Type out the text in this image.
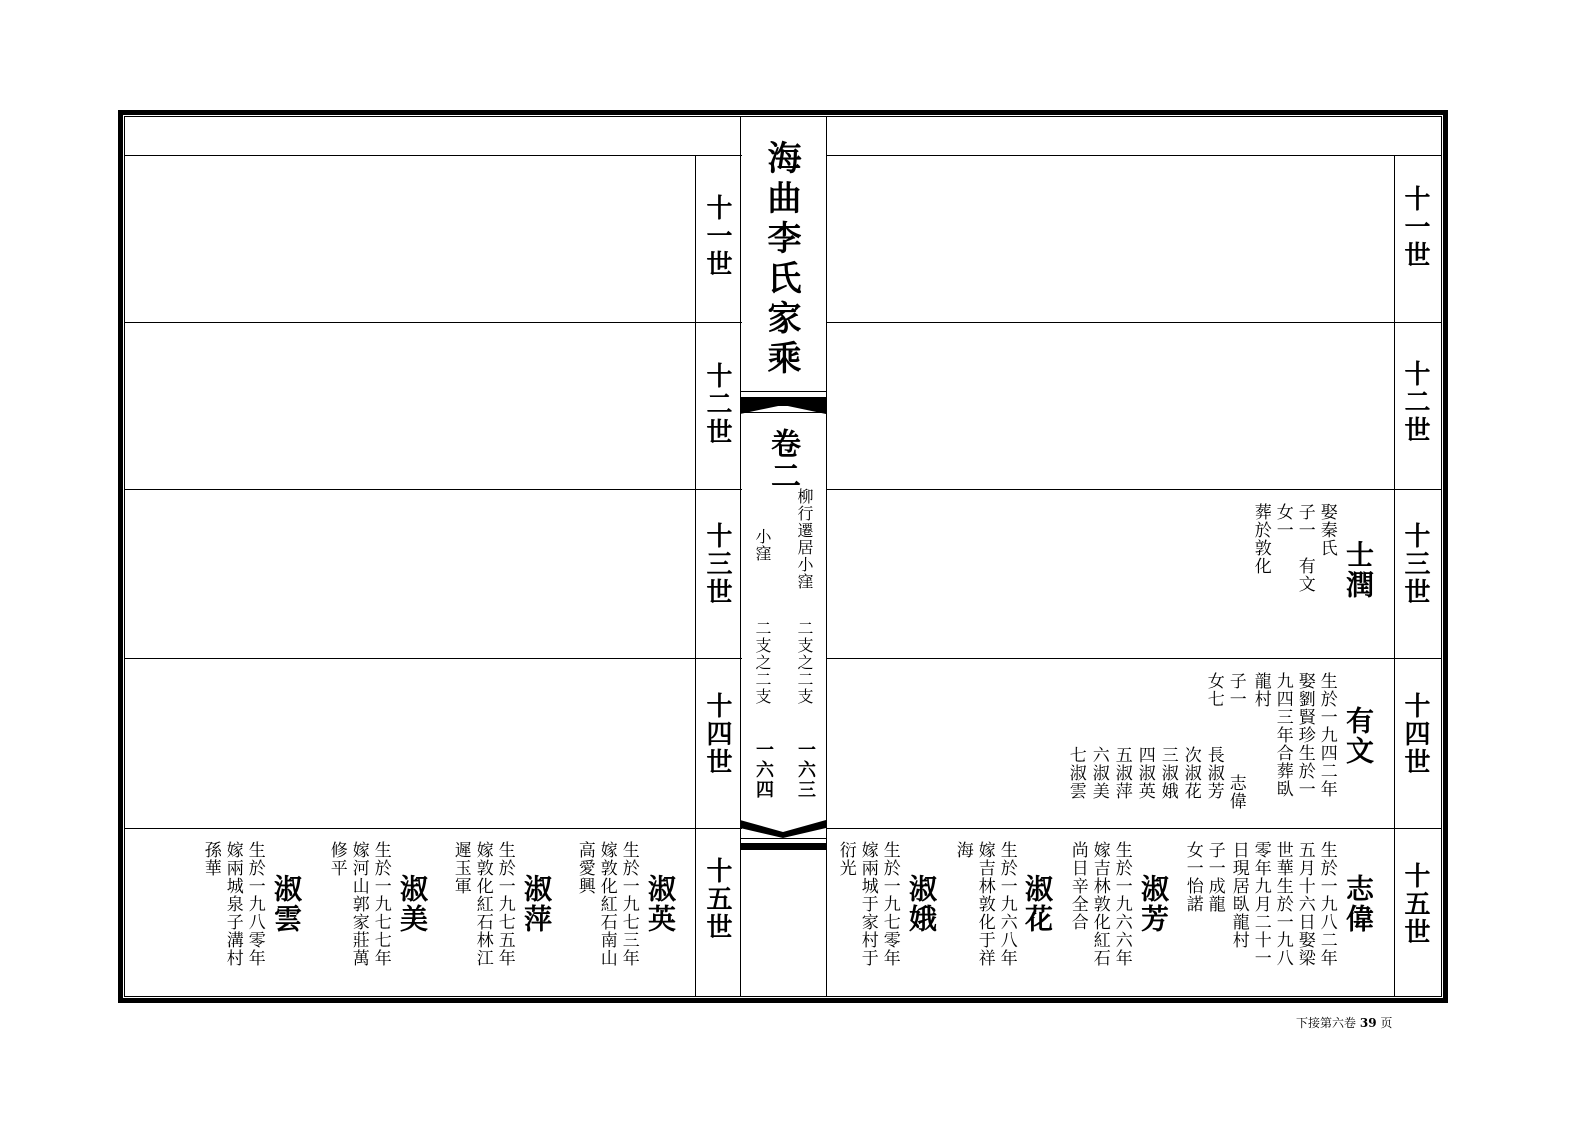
十一世
十二世
十三世
十四世
十五世
十一世
十二世
十三世
十四世
十五世
海曲李氏家乘
卷二
柳行遷居小窪
小窪
二支之二支
二支之二支
一六三
一六四
士潤
娶秦氏
子一　有文
女一
葬於敦化
有文
生於一九四二年
娶劉賢珍生於一
九四三年合葬臥
龍村
子一
女七
志偉
長淑芳
次淑花
三淑娥
四淑英
五淑萍
六淑美
七淑雲
志偉
生於一九八二年
五月十六日娶梁
世華生於一九八
零年九月二十一
日現居臥龍村
子一成龍
女一怡諾
淑芳
生於一九六六年
嫁吉林敦化紅石
尚日辛全合
淑花
生於一九六八年
嫁吉林敦化于祥
海
淑娥
生於一九七零年
嫁兩城于家村于
衍光
淑英
生於一九七三年
嫁敦化紅石南山
高愛興
淑萍
生於一九七五年
嫁敦化紅石林江
遲玉軍
淑美
生於一九七七年
嫁河山郭家莊萬
修平
淑雲
生於一九八零年
嫁兩城泉子溝村
孫華
下接第六卷 39 页
